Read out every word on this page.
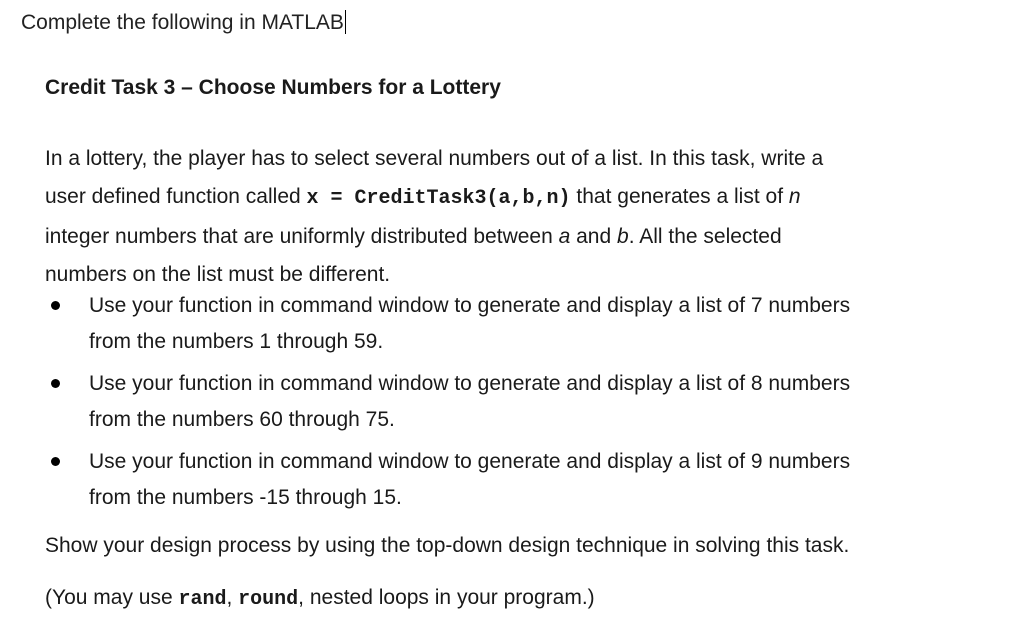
Complete the following in MATLAB
Credit Task 3 – Choose Numbers for a Lottery
In a lottery, the player has to select several numbers out of a list. In this task, write a
user defined function called x = CreditTask3(a,b,n) that generates a list of n
integer numbers that are uniformly distributed between a and b. All the selected
numbers on the list must be different.
Use your function in command window to generate and display a list of 7 numbers
from the numbers 1 through 59.
Use your function in command window to generate and display a list of 8 numbers
from the numbers 60 through 75.
Use your function in command window to generate and display a list of 9 numbers
from the numbers -15 through 15.
Show your design process by using the top-down design technique in solving this task.
(You may use rand, round, nested loops in your program.)
